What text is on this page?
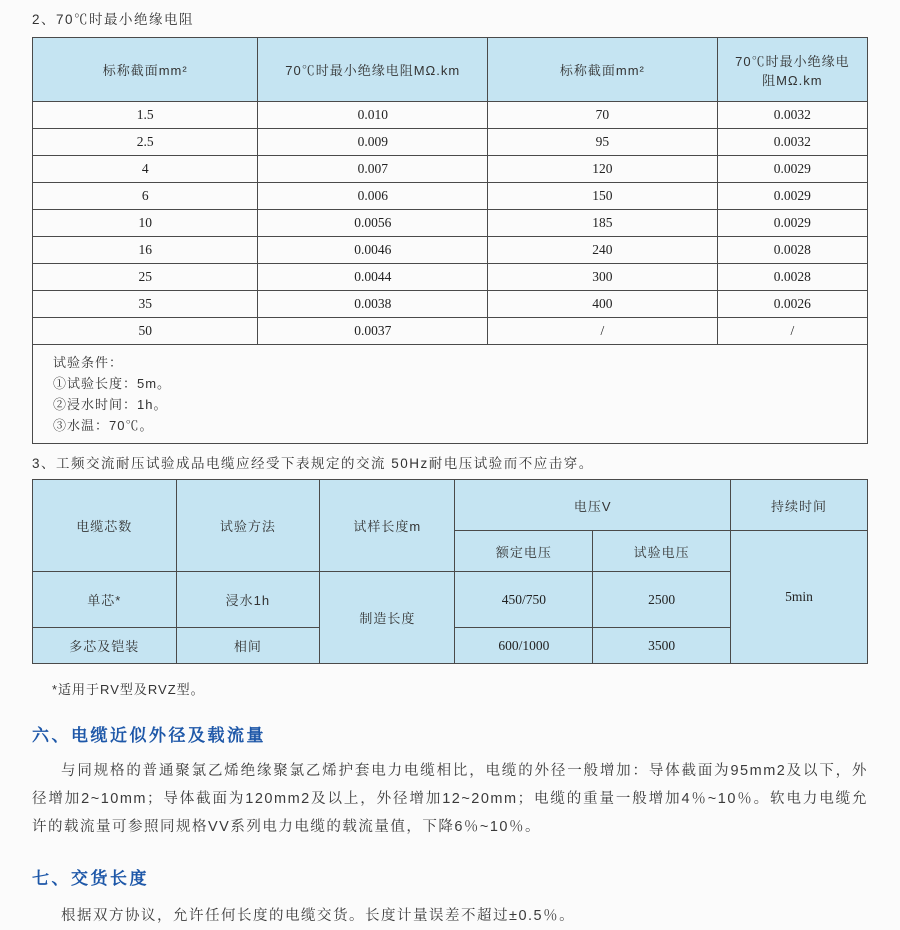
2、70℃时最小绝缘电阻
标称截面mm²	70℃时最小绝缘电阻MΩ.km	标称截面mm²	70℃时最小绝缘电阻MΩ.km
1.5	0.010	70	0.0032
2.5	0.009	95	0.0032
4	0.007	120	0.0029
6	0.006	150	0.0029
10	0.0056	185	0.0029
16	0.0046	240	0.0028
25	0.0044	300	0.0028
35	0.0038	400	0.0026
50	0.0037	/	/

试验条件：
①试验长度：5m。
②浸水时间：1h。
③水温：70℃。			
3、工频交流耐压试验成品电缆应经受下表规定的交流 50Hz耐电压试验而不应击穿。
电缆芯数	试验方法	试样长度m	电压V		持续时间
			额定电压	试验电压	5min
单芯*	浸水1h	制造长度	450/750	2500	
多芯及铠装	相间		600/1000	3500	
*适用于RV型及RVZ型。
六、电缆近似外径及载流量
与同规格的普通聚氯乙烯绝缘聚氯乙烯护套电力电缆相比，电缆的外径一般增加：导体截面为95mm2及以下，外径增加2~10mm；导体截面为120mm2及以上，外径增加12~20mm；电缆的重量一般增加4％~10％。软电力电缆允许的载流量可参照同规格VV系列电力电缆的载流量值，下降6％~10％。
七、交货长度
根据双方协议，允许任何长度的电缆交货。长度计量误差不超过±0.5％。
